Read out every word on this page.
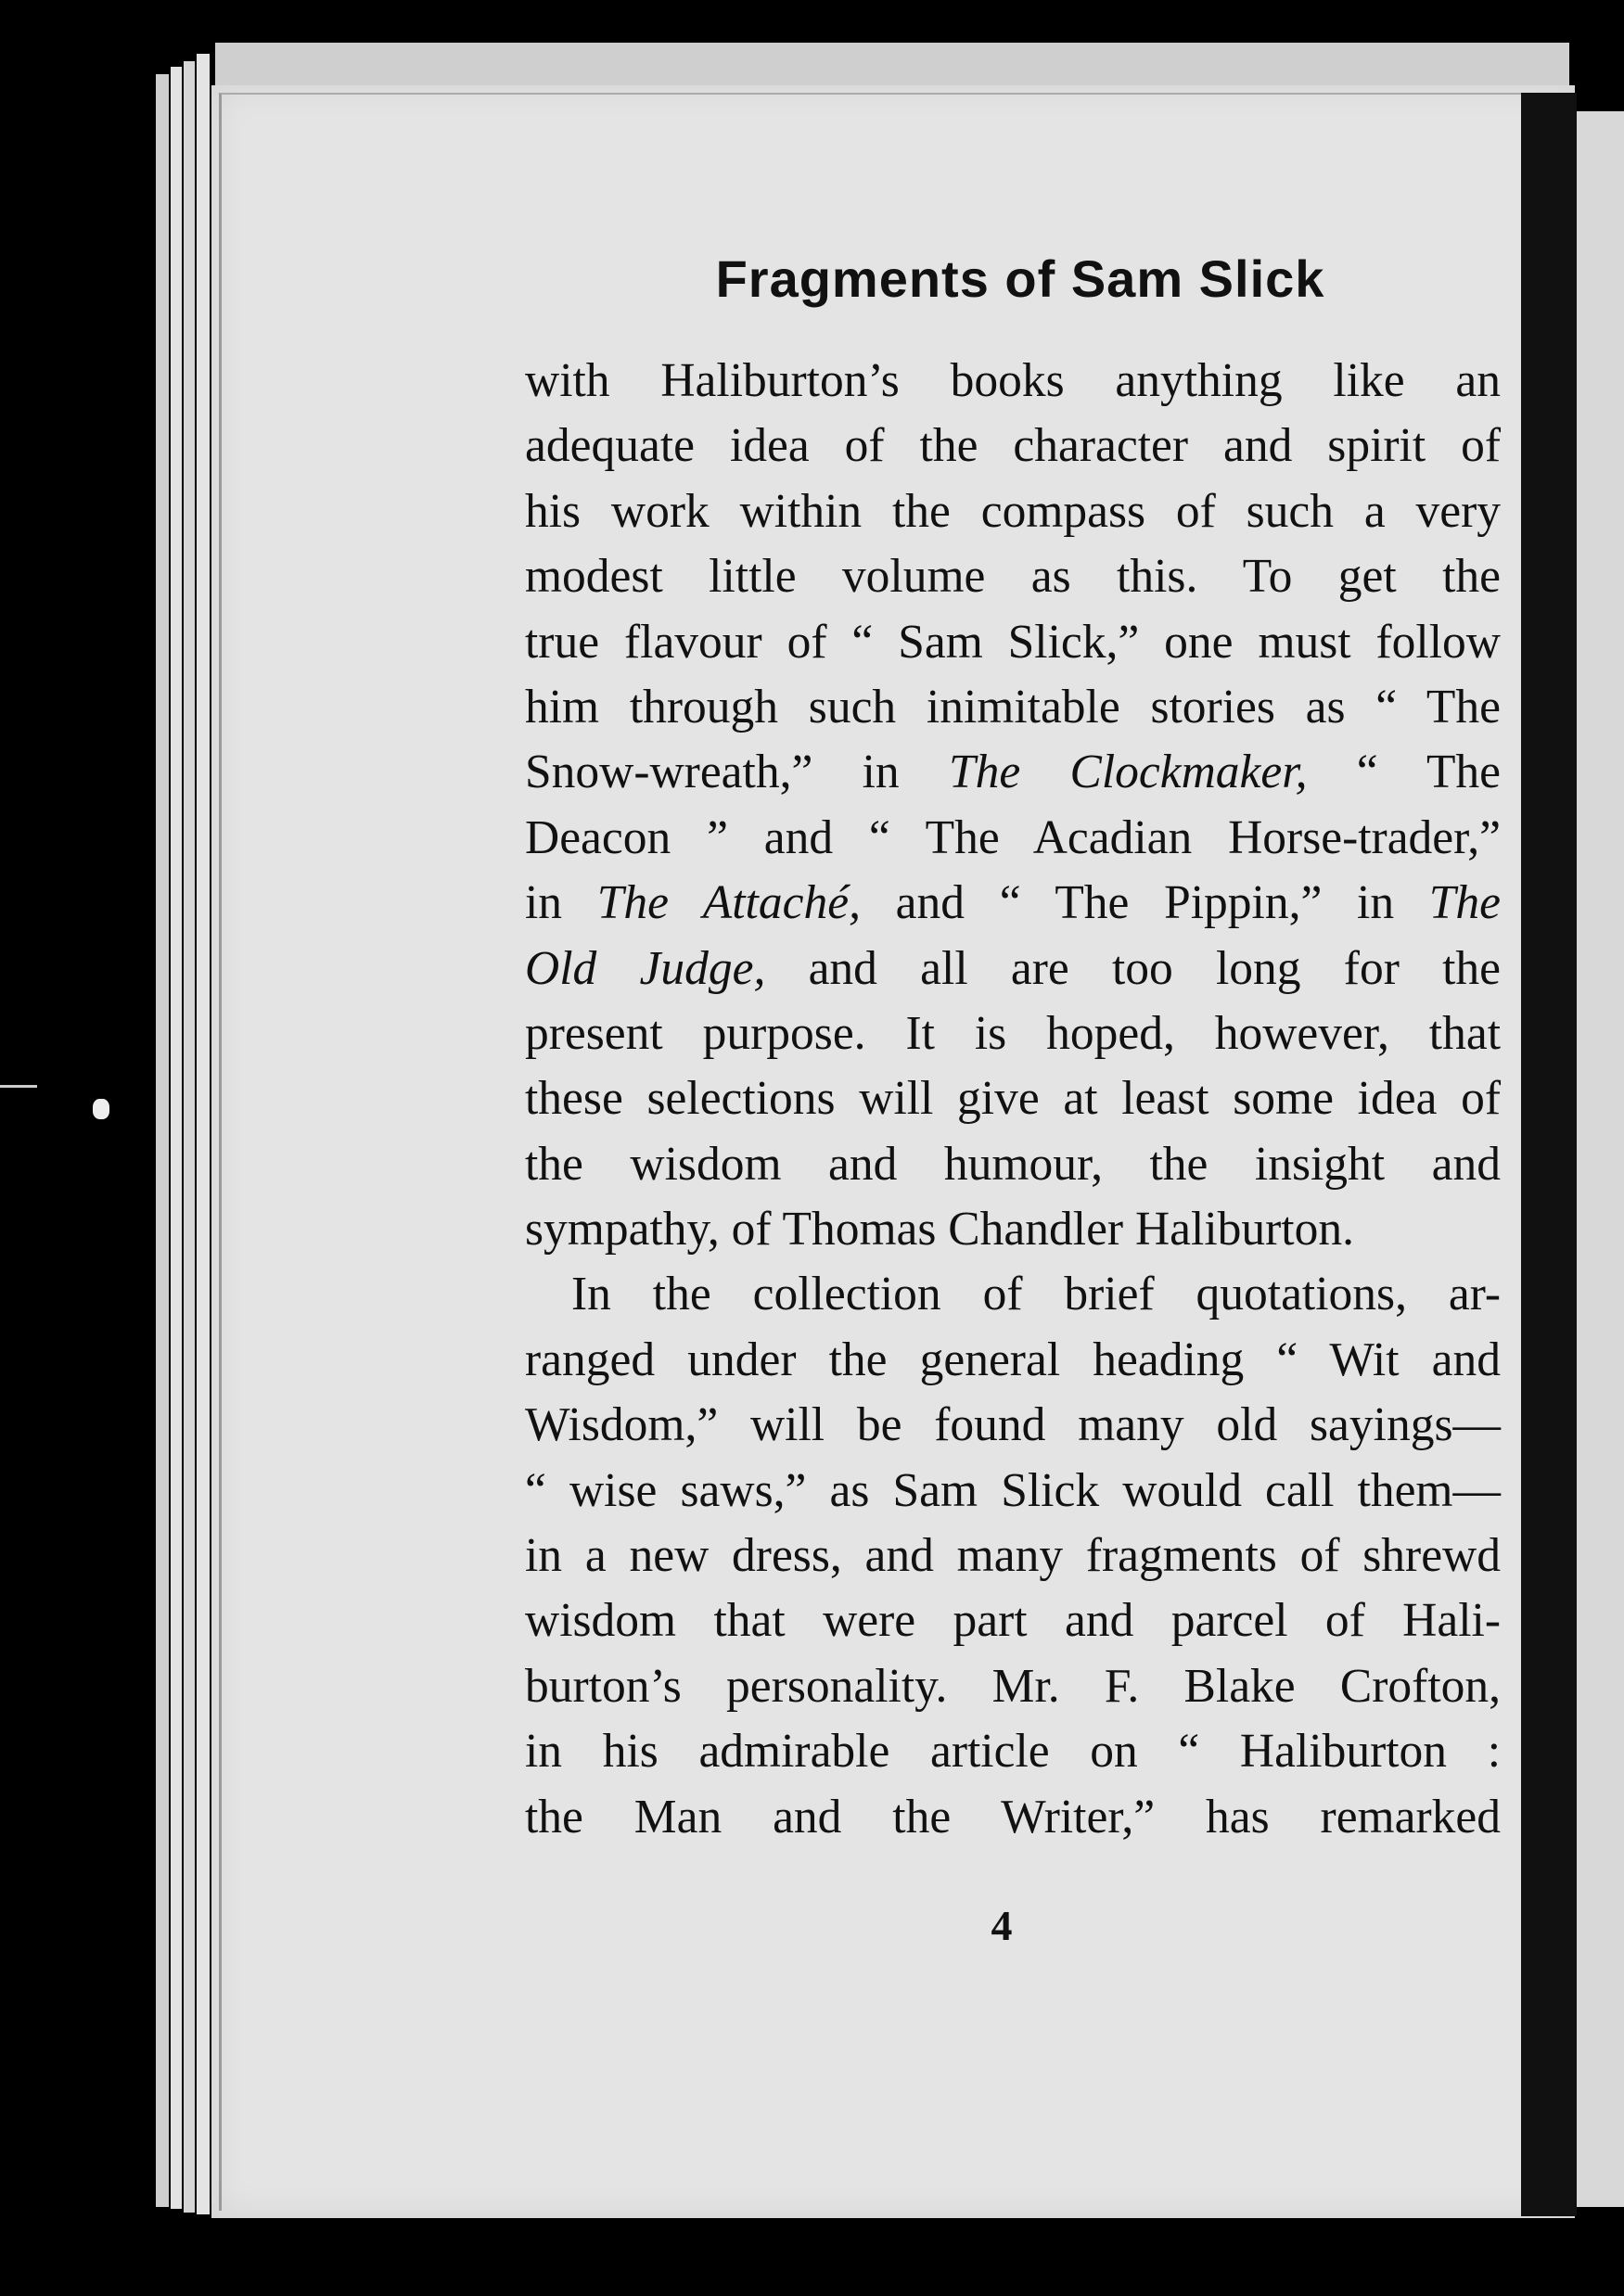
Fragments of Sam Slick
with Haliburton’s books anything like an
adequate idea of the character and spirit of
his work within the compass of such a very
modest little volume as this. To get the
true flavour of “ Sam Slick,” one must follow
him through such inimitable stories as “ The
Snow-wreath,” in The Clockmaker, “ The
Deacon ” and “ The Acadian Horse-trader,”
in The Attaché, and “ The Pippin,” in The
Old Judge, and all are too long for the
present purpose. It is hoped, however, that
these selections will give at least some idea of
the wisdom and humour, the insight and
sympathy, of Thomas Chandler Haliburton.
In the collection of brief quotations, ar-
ranged under the general heading “ Wit and
Wisdom,” will be found many old sayings—
“ wise saws,” as Sam Slick would call them—
in a new dress, and many fragments of shrewd
wisdom that were part and parcel of Hali-
burton’s personality. Mr. F. Blake Crofton,
in his admirable article on “ Haliburton :
the Man and the Writer,” has remarked
4
